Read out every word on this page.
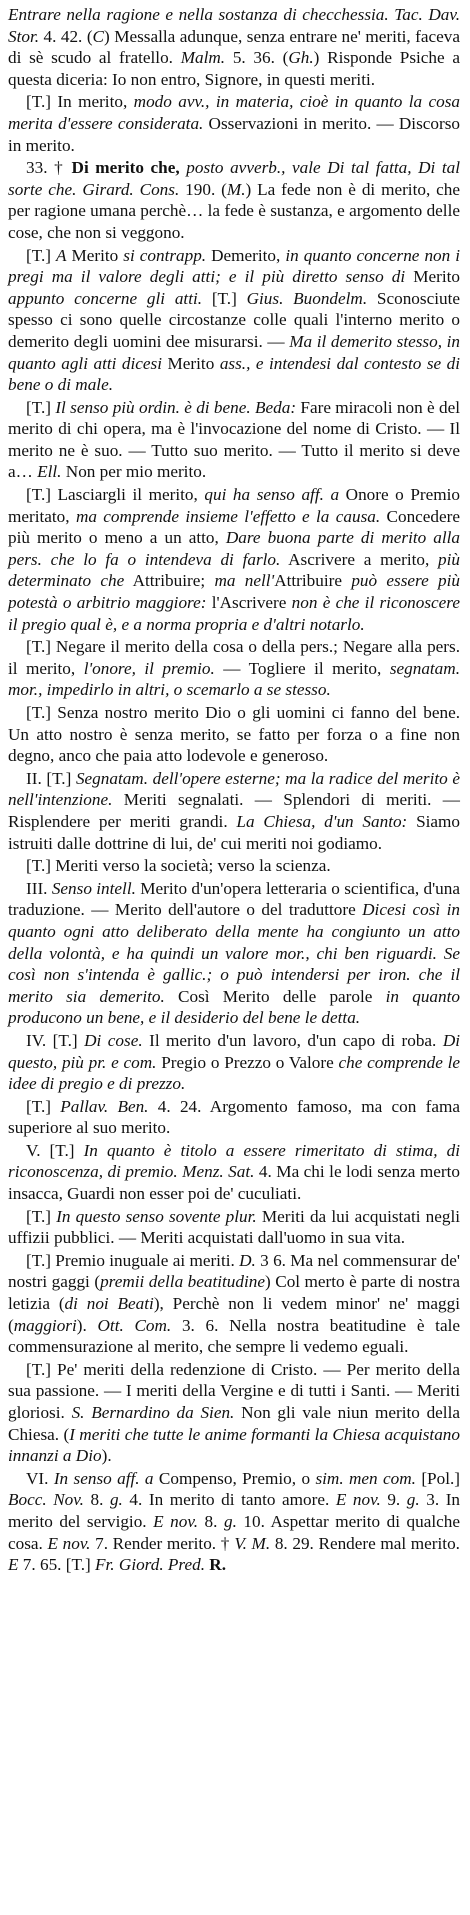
Entrare nella ragione e nella sostanza di checchessia. Tac. Dav. Stor. 4. 42. (C) Messalla adunque, senza entrare ne' meriti, faceva di sè scudo al fratello. Malm. 5. 36. (Gh.) Risponde Psiche a questa diceria: Io non entro, Signore, in questi meriti.
[T.] In merito, modo avv., in materia, cioè in quanto la cosa merita d'essere considerata. Osservazioni in merito. — Discorso in merito.
33. † Di merito che, posto avverb., vale Di tal fatta, Di tal sorte che. Girard. Cons. 190. (M.) La fede non è di merito, che per ragione umana perchè… la fede è sustanza, e argomento delle cose, che non si veggono.
[T.] A Merito si contrapp. Demerito, in quanto concerne non i pregi ma il valore degli atti; e il più diretto senso di Merito appunto concerne gli atti. [T.] Gius. Buondelm. Sconosciute spesso ci sono quelle circostanze colle quali l'interno merito o demerito degli uomini dee misurarsi. — Ma il demerito stesso, in quanto agli atti dicesi Merito ass., e intendesi dal contesto se di bene o di male.
[T.] Il senso più ordin. è di bene. Beda: Fare miracoli non è del merito di chi opera, ma è l'invocazione del nome di Cristo. — Il merito ne è suo. — Tutto suo merito. — Tutto il merito si deve a… Ell. Non per mio merito.
[T.] Lasciargli il merito, qui ha senso aff. a Onore o Premio meritato, ma comprende insieme l'effetto e la causa. Concedere più merito o meno a un atto, Dare buona parte di merito alla pers. che lo fa o intendeva di farlo. Ascrivere a merito, più determinato che Attribuire; ma nell'Attribuire può essere più potestà o arbitrio maggiore: l'Ascrivere non è che il riconoscere il pregio qual è, e a norma propria e d'altri notarlo.
[T.] Negare il merito della cosa o della pers.; Negare alla pers. il merito, l'onore, il premio. — Togliere il merito, segnatam. mor., impedirlo in altri, o scemarlo a se stesso.
[T.] Senza nostro merito Dio o gli uomini ci fanno del bene. Un atto nostro è senza merito, se fatto per forza o a fine non degno, anco che paia atto lodevole e generoso.
II. [T.] Segnatam. dell'opere esterne; ma la radice del merito è nell'intenzione. Meriti segnalati. — Splendori di meriti. — Risplendere per meriti grandi. La Chiesa, d'un Santo: Siamo istruiti dalle dottrine di lui, de' cui meriti noi godiamo.
[T.] Meriti verso la società; verso la scienza.
III. Senso intell. Merito d'un'opera letteraria o scientifica, d'una traduzione. — Merito dell'autore o del traduttore Dicesi così in quanto ogni atto deliberato della mente ha congiunto un atto della volontà, e ha quindi un valore mor., chi ben riguardi. Se così non s'intenda è gallic.; o può intendersi per iron. che il merito sia demerito. Così Merito delle parole in quanto producono un bene, e il desiderio del bene le detta.
IV. [T.] Di cose. Il merito d'un lavoro, d'un capo di roba. Di questo, più pr. e com. Pregio o Prezzo o Valore che comprende le idee di pregio e di prezzo.
[T.] Pallav. Ben. 4. 24. Argomento famoso, ma con fama superiore al suo merito.
V. [T.] In quanto è titolo a essere rimeritato di stima, di riconoscenza, di premio. Menz. Sat. 4. Ma chi le lodi senza merto insacca, Guardi non esser poi de' cuculiati.
[T.] In questo senso sovente plur. Meriti da lui acquistati negli uffizii pubblici. — Meriti acquistati dall'uomo in sua vita.
[T.] Premio inuguale ai meriti. D. 3 6. Ma nel commensurar de' nostri gaggi (premii della beatitudine) Col merto è parte di nostra letizia (di noi Beati), Perchè non li vedem minor' ne' maggi (maggiori). Ott. Com. 3. 6. Nella nostra beatitudine è tale commensurazione al merito, che sempre li vedemo eguali.
[T.] Pe' meriti della redenzione di Cristo. — Per merito della sua passione. — I meriti della Vergine e di tutti i Santi. — Meriti gloriosi. S. Bernardino da Sien. Non gli vale niun merito della Chiesa. (I meriti che tutte le anime formanti la Chiesa acquistano innanzi a Dio).
VI. In senso aff. a Compenso, Premio, o sim. men com. [Pol.] Bocc. Nov. 8. g. 4. In merito di tanto amore. E nov. 9. g. 3. In merito del servigio. E nov. 8. g. 10. Aspettar merito di qualche cosa. E nov. 7. Render merito. † V. M. 8. 29. Rendere mal merito. E 7. 65. [T.] Fr. Giord. Pred. R.
